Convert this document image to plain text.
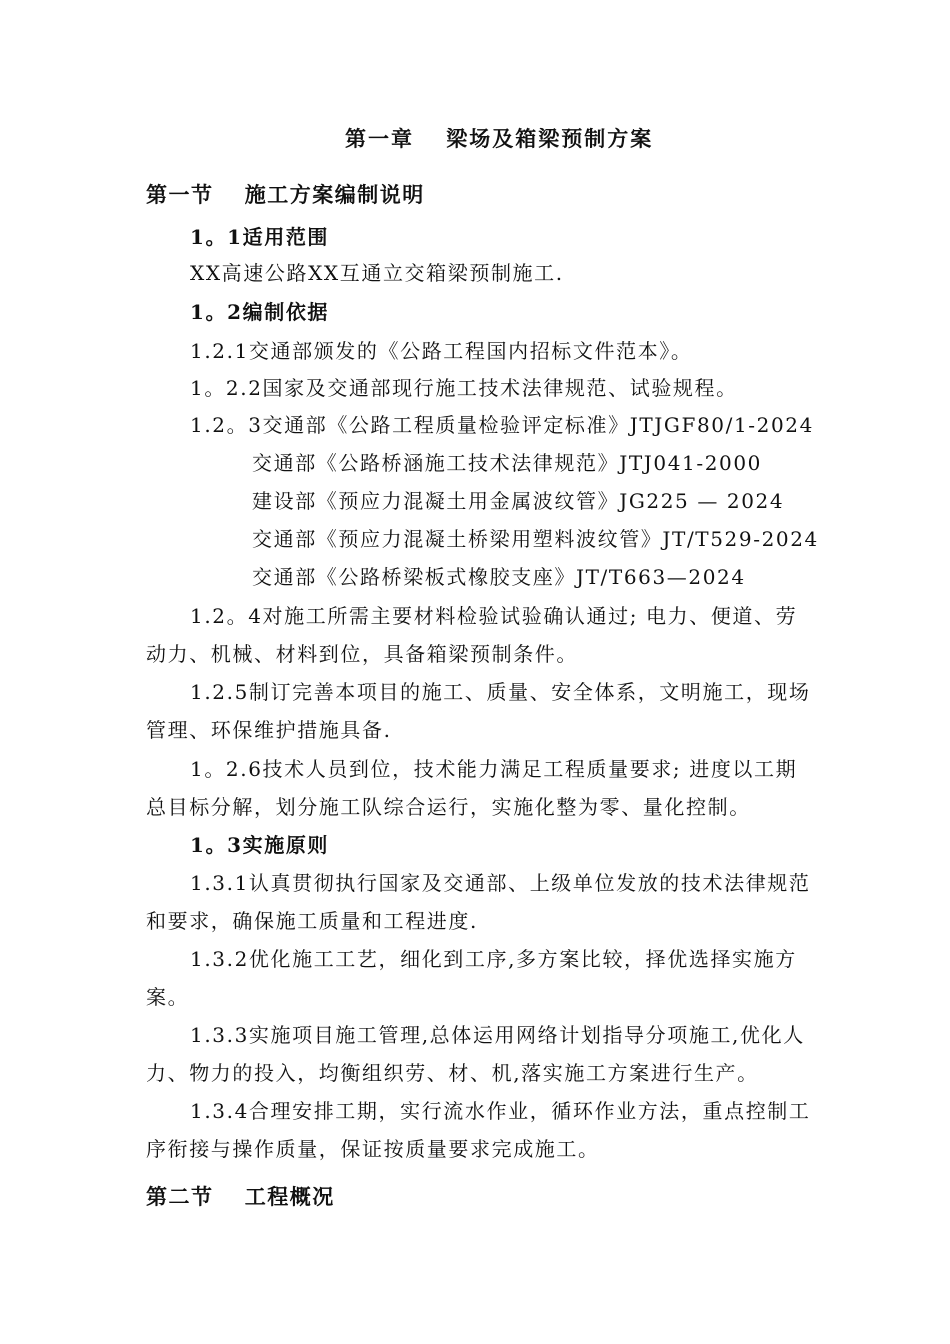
第一章　 梁场及箱梁预制方案
第一节　 施工方案编制说明
1。1适用范围
XX高速公路XX互通立交箱梁预制施工.
1。2编制依据
1.2.1交通部颁发的《公路工程国内招标文件范本》。
1。2.2国家及交通部现行施工技术法律规范、试验规程。
1.2。3交通部《公路工程质量检验评定标准》JTJGF80/1-2024
交通部《公路桥涵施工技术法律规范》JTJ041-2000
建设部《预应力混凝土用金属波纹管》JG225 — 2024
交通部《预应力混凝土桥梁用塑料波纹管》JT/T529-2024
交通部《公路桥梁板式橡胶支座》JT/T663—2024
1.2。4对施工所需主要材料检验试验确认通过; 电力、便道、劳
动力、机械、材料到位，具备箱梁预制条件。
1.2.5制订完善本项目的施工、质量、安全体系，文明施工，现场
管理、环保维护措施具备.
1。2.6技术人员到位，技术能力满足工程质量要求; 进度以工期
总目标分解，划分施工队综合运行，实施化整为零、量化控制。
1。3实施原则
1.3.1认真贯彻执行国家及交通部、上级单位发放的技术法律规范
和要求，确保施工质量和工程进度.
1.3.2优化施工工艺，细化到工序,多方案比较，择优选择实施方
案。
1.3.3实施项目施工管理,总体运用网络计划指导分项施工,优化人
力、物力的投入，均衡组织劳、材、机,落实施工方案进行生产。
1.3.4合理安排工期，实行流水作业，循环作业方法，重点控制工
序衔接与操作质量，保证按质量要求完成施工。
第二节　 工程概况
